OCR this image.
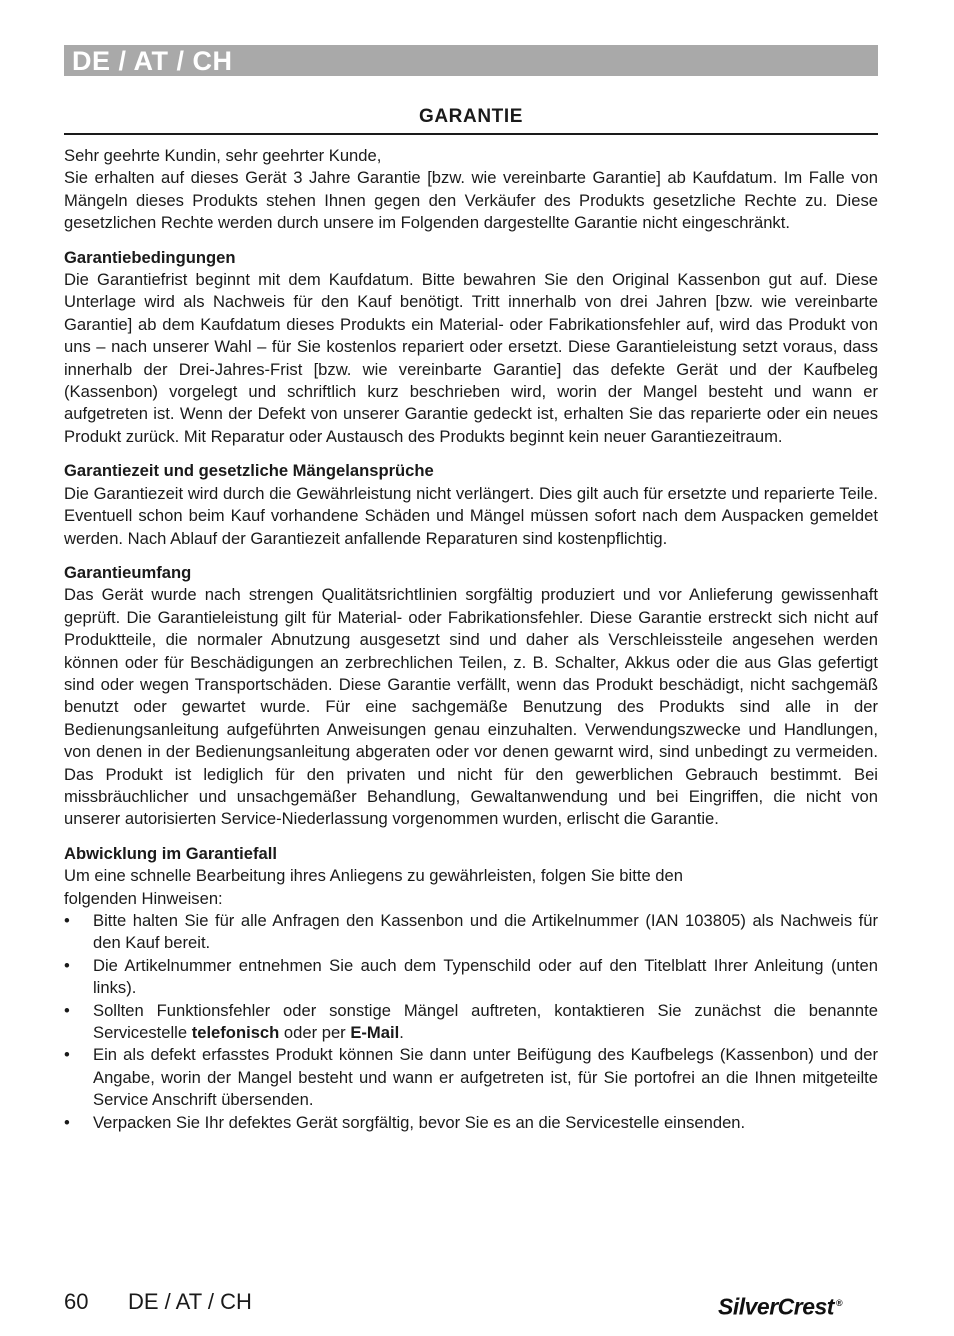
DE / AT / CH
GARANTIE

Sehr geehrte Kundin, sehr geehrter Kunde,

Sie erhalten auf dieses Gerät 3 Jahre Garantie [bzw. wie vereinbarte Garantie] ab Kaufdatum. Im Falle von Mängeln dieses Produkts stehen Ihnen gegen den Verkäufer des Produkts gesetzliche Rechte zu. Diese gesetzlichen Rechte werden durch unsere im Folgenden dargestellte Garantie nicht eingeschränkt.

Garantiebedingungen

Die Garantiefrist beginnt mit dem Kaufdatum. Bitte bewahren Sie den Original Kassenbon gut auf. Diese Unterlage wird als Nachweis für den Kauf benötigt. Tritt innerhalb von drei Jahren [bzw. wie vereinbarte Garantie] ab dem Kaufdatum dieses Produkts ein Material- oder Fabrikationsfehler auf, wird das Produkt von uns – nach unserer Wahl – für Sie kostenlos repariert oder ersetzt. Diese Garantieleistung setzt voraus, dass innerhalb der Drei-Jahres-Frist [bzw. wie vereinbarte Garantie] das defekte Gerät und der Kaufbeleg (Kassenbon) vorgelegt und schriftlich kurz beschrieben wird, worin der Mangel besteht und wann er aufgetreten ist. Wenn der Defekt von unserer Garantie gedeckt ist, erhalten Sie das reparierte oder ein neues Produkt zurück. Mit Reparatur oder Austausch des Produkts beginnt kein neuer Garantiezeitraum.

Garantiezeit und gesetzliche Mängelansprüche

Die Garantiezeit wird durch die Gewährleistung nicht verlängert. Dies gilt auch für ersetzte und reparierte Teile. Eventuell schon beim Kauf vorhandene Schäden und Mängel müssen sofort nach dem Auspacken gemeldet werden. Nach Ablauf der Garantiezeit anfallende Reparaturen sind kostenpflichtig.

Garantieumfang

Das Gerät wurde nach strengen Qualitätsrichtlinien sorgfältig produziert und vor Anlieferung gewissenhaft geprüft. Die Garantieleistung gilt für Material- oder Fabrikationsfehler. Diese Garantie erstreckt sich nicht auf Produktteile, die normaler Abnutzung ausgesetzt sind und daher als Verschleissteile angesehen werden können oder für Beschädigungen an zerbrechlichen Teilen, z. B. Schalter, Akkus oder die aus Glas gefertigt sind oder wegen Transportschäden. Diese Garantie verfällt, wenn das Produkt beschädigt, nicht sachgemäß benutzt oder gewartet wurde. Für eine sachgemäße Benutzung des Produkts sind alle in der Bedienungsanleitung aufgeführten Anweisungen genau einzuhalten. Verwendungszwecke und Handlungen, von denen in der Bedienungsanleitung abgeraten oder vor denen gewarnt wird, sind unbedingt zu vermeiden. Das Produkt ist lediglich für den privaten und nicht für den gewerblichen Gebrauch bestimmt. Bei missbräuchlicher und unsachgemäßer Behandlung, Gewaltanwendung und bei Eingriffen, die nicht von unserer autorisierten Service-Niederlassung vorgenommen wurden, erlischt die Garantie.

Abwicklung im Garantiefall

Um eine schnelle Bearbeitung ihres Anliegens zu gewährleisten, folgen Sie bitte den

folgenden Hinweisen:

• Bitte halten Sie für alle Anfragen den Kassenbon und die Artikelnummer (IAN 103805) als Nachweis für den Kauf bereit.
• Die Artikelnummer entnehmen Sie auch dem Typenschild oder auf den Titelblatt Ihrer Anleitung (unten links).
• Sollten Funktionsfehler oder sonstige Mängel auftreten, kontaktieren Sie zunächst die benannte Servicestelle telefonisch oder per E-Mail.
• Ein als defekt erfasstes Produkt können Sie dann unter Beifügung des Kaufbelegs (Kassenbon) und der Angabe, worin der Mangel besteht und wann er aufgetreten ist, für Sie portofrei an die Ihnen mitgeteilte Service Anschrift übersenden.
• Verpacken Sie Ihr defektes Gerät sorgfältig, bevor Sie es an die Servicestelle einsenden.
60 DE / AT / CH	SilverCrest ®
